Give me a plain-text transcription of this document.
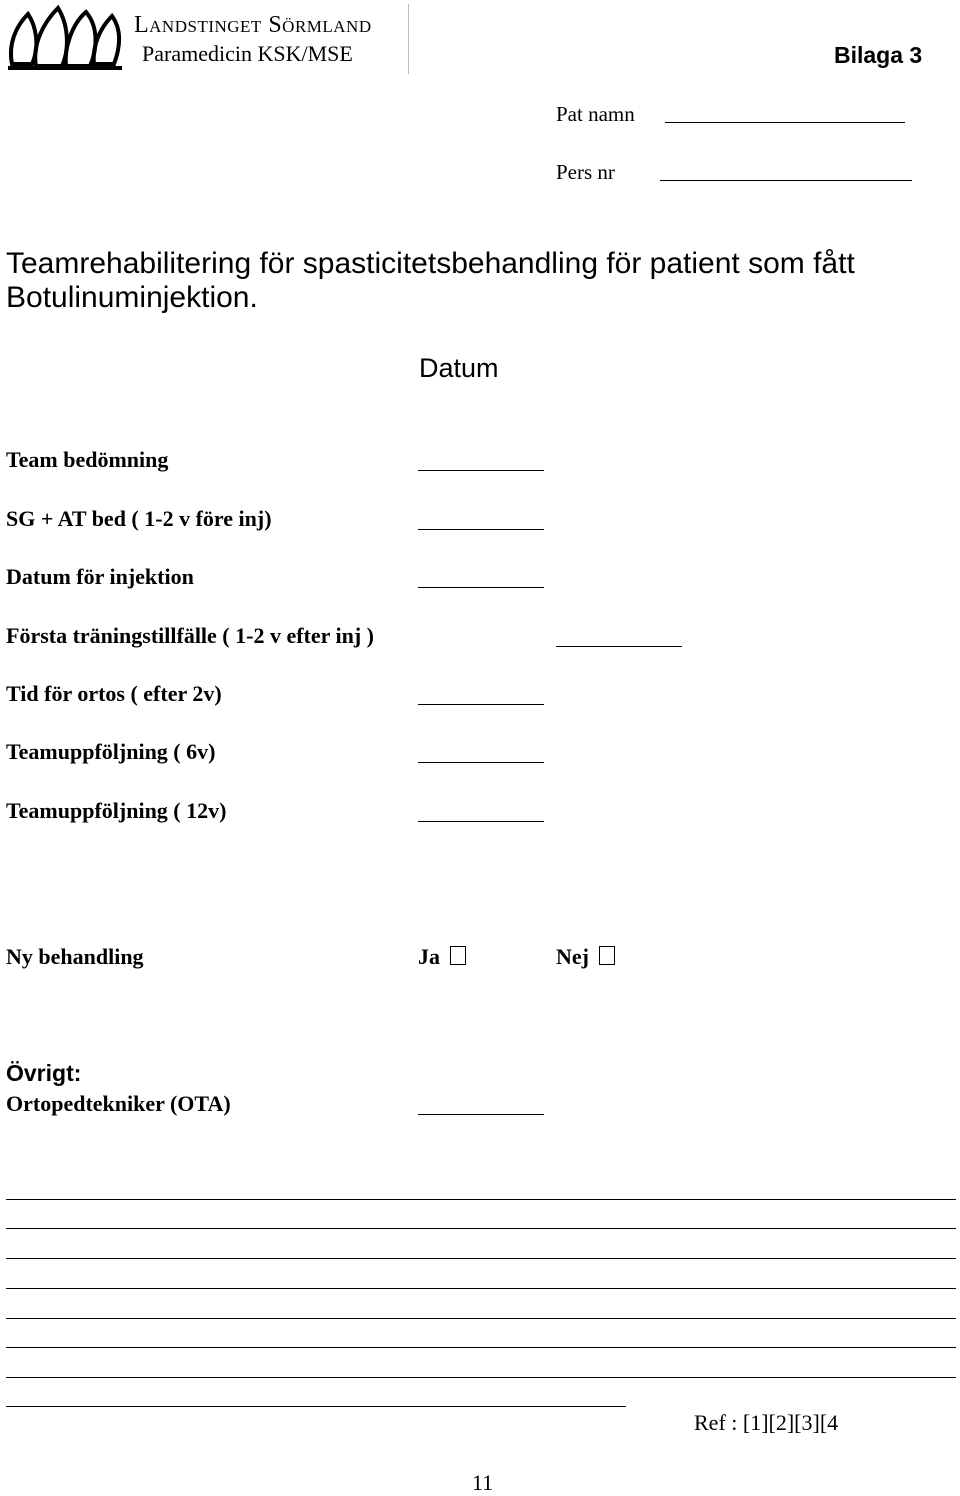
Landstinget Sörmland
Paramedicin KSK/MSE	Bilaga 3
Pat namn
Pers nr
Teamrehabilitering för spasticitetsbehandling för patient som fått Botulinuminjektion.
Datum
Team bedömning
SG + AT bed ( 1-2 v före inj)
Datum för injektion
Första träningstillfälle ( 1-2 v efter inj )
Tid för ortos ( efter 2v)
Teamuppföljning ( 6v)
Teamuppföljning ( 12v)
Ny behandling	Ja	Nej
Övrigt:
Ortopedtekniker (OTA)
Ref : [1][2][3][4
11
